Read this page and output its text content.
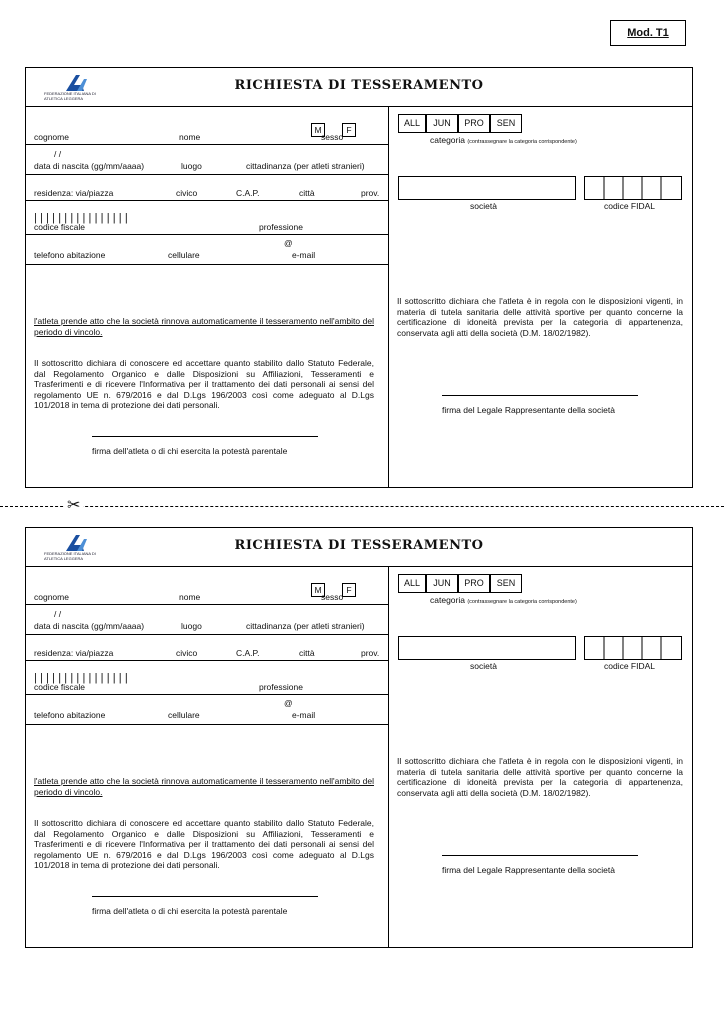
Mod. T1
✂
FEDERAZIONE ITALIANA DI ATLETICA LEGGERA
RICHIESTA DI TESSERAMENTO
M	F
cognome	nome	sesso
/ /
data di nascita (gg/mm/aaaa)	luogo	cittadinanza (per atleti stranieri)
residenza: via/piazza	civico	C.A.P.	città	prov.
||||||||||||||||
codice fiscale	professione
@
telefono abitazione	cellulare	e-mail
l'atleta prende atto che la società rinnova automaticamente il tesseramento nell'ambito del periodo di vincolo.
Il sottoscritto dichiara di conoscere ed accettare quanto stabilito dallo Statuto Federale, dal Regolamento Organico e dalle Disposizioni su Affiliazioni, Tesseramenti e Trasferimenti e di ricevere l'Informativa per il trattamento dei dati personali ai sensi del regolamento UE n. 679/2016 e dal D.Lgs 196/2003 così come adeguato al D.Lgs 101/2018 in tema di protezione dei dati personali.
firma dell'atleta o di chi esercita la potestà parentale
ALL	JUN	PRO	SEN
categoria (contrassegnare la categoria corrispondente)
società	codice FIDAL
Il sottoscritto dichiara che l'atleta è in regola con le disposizioni vigenti, in materia di tutela sanitaria delle attività sportive per quanto concerne la certificazione di idoneità prevista per la categoria di appartenenza, conservata agli atti della società (D.M. 18/02/1982).
firma del Legale Rappresentante della società
FEDERAZIONE ITALIANA DI ATLETICA LEGGERA
RICHIESTA DI TESSERAMENTO
M	F
cognome	nome	sesso
/ /
data di nascita (gg/mm/aaaa)	luogo	cittadinanza (per atleti stranieri)
residenza: via/piazza	civico	C.A.P.	città	prov.
||||||||||||||||
codice fiscale	professione
@
telefono abitazione	cellulare	e-mail
l'atleta prende atto che la società rinnova automaticamente il tesseramento nell'ambito del periodo di vincolo.
Il sottoscritto dichiara di conoscere ed accettare quanto stabilito dallo Statuto Federale, dal Regolamento Organico e dalle Disposizioni su Affiliazioni, Tesseramenti e Trasferimenti e di ricevere l'Informativa per il trattamento dei dati personali ai sensi del regolamento UE n. 679/2016 e dal D.Lgs 196/2003 così come adeguato al D.Lgs 101/2018 in tema di protezione dei dati personali.
firma dell'atleta o di chi esercita la potestà parentale
ALL	JUN	PRO	SEN
categoria (contrassegnare la categoria corrispondente)
società	codice FIDAL
Il sottoscritto dichiara che l'atleta è in regola con le disposizioni vigenti, in materia di tutela sanitaria delle attività sportive per quanto concerne la certificazione di idoneità prevista per la categoria di appartenenza, conservata agli atti della società (D.M. 18/02/1982).
firma del Legale Rappresentante della società
